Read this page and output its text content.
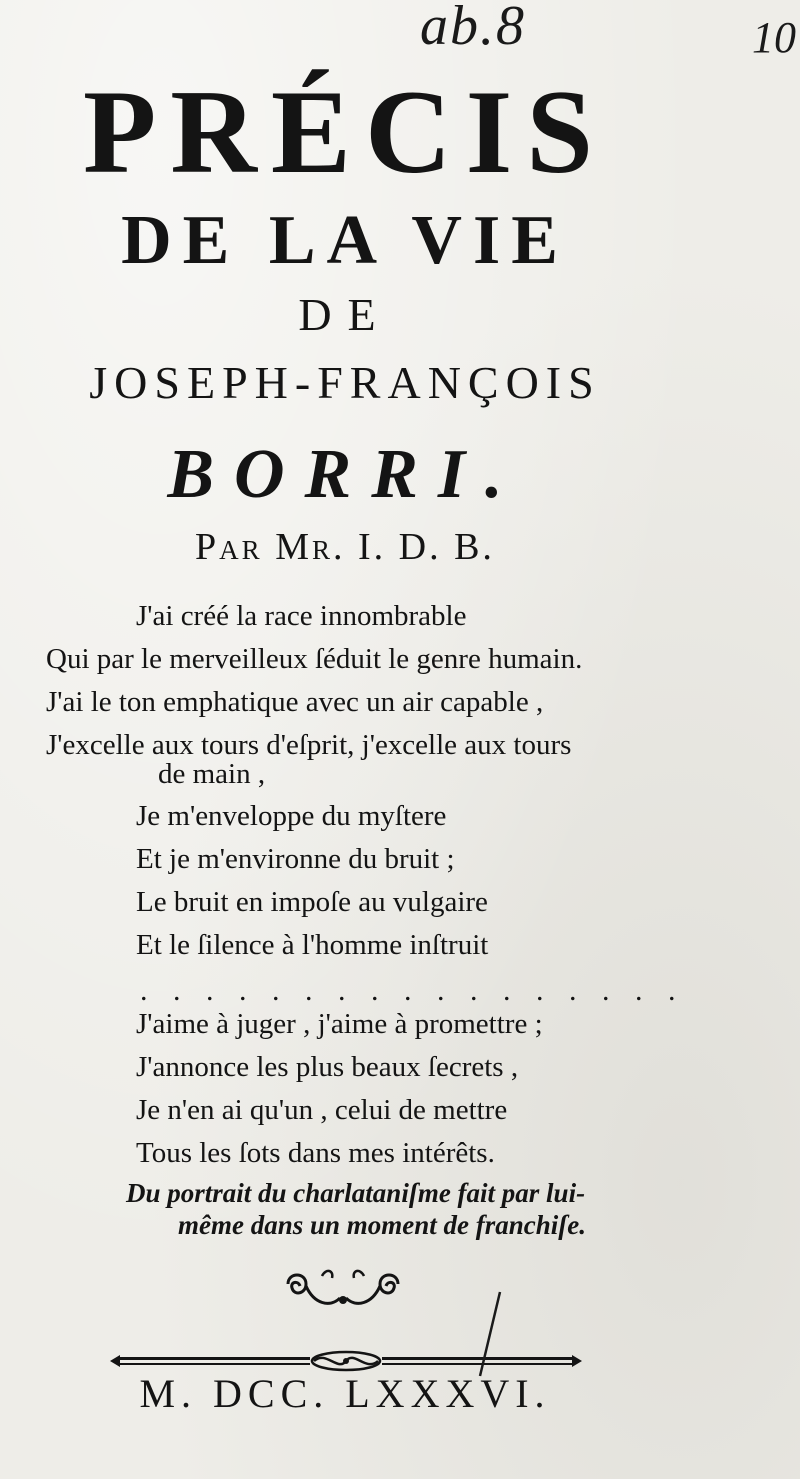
ab.8	10
PRÉCIS
DE LA VIE
DE
JOSEPH-FRANÇOIS
BORRI.
Par Mr. I. D. B.
J'ai créé la race innombrable
Qui par le merveilleux ſéduit le genre humain.
J'ai le ton emphatique avec un air capable ,
J'excelle aux tours d'eſprit, j'excelle aux tours
de main ,
Je m'enveloppe du myſtere
Et je m'environne du bruit ;
Le bruit en impoſe au vulgaire
Et le ſilence à l'homme inſtruit
. . . . . . . . . . . . . . . . .
J'aime à juger , j'aime à promettre ;
J'annonce les plus beaux ſecrets ,
Je n'en ai qu'un , celui de mettre
Tous les ſots dans mes intérêts.
Du portrait du charlataniſme fait par lui-
même dans un moment de franchiſe.
M. DCC. LXXXVI.
